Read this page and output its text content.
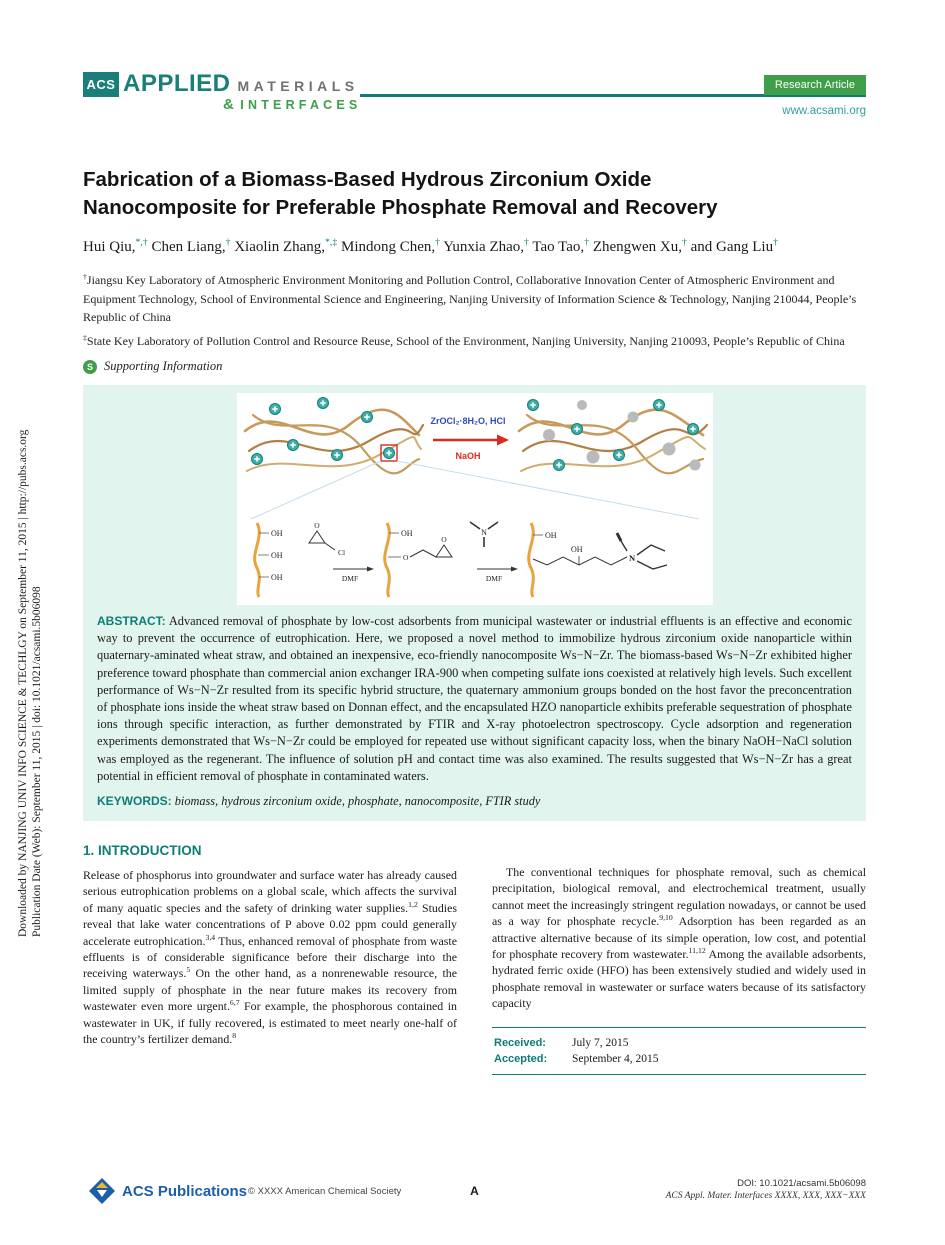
Downloaded by NANJING UNIV INFO SCIENCE & TECHLGY on September 11, 2015 | http://pubs.acs.org Publication Date (Web): September 11, 2015 | doi: 10.1021/acsami.5b06098
ACS APPLIED MATERIALS
& INTERFACES
Research Article
www.acsami.org
Fabrication of a Biomass-Based Hydrous Zirconium Oxide Nanocomposite for Preferable Phosphate Removal and Recovery

Hui Qiu,*,† Chen Liang,† Xiaolin Zhang,*,‡ Mindong Chen,† Yunxia Zhao,† Tao Tao,† Zhengwen Xu,† and Gang Liu†

†Jiangsu Key Laboratory of Atmospheric Environment Monitoring and Pollution Control, Collaborative Innovation Center of Atmospheric Environment and Equipment Technology, School of Environmental Science and Engineering, Nanjing University of Information Science & Technology, Nanjing 210044, People’s Republic of China

‡State Key Laboratory of Pollution Control and Resource Reuse, School of the Environment, Nanjing University, Nanjing 210093, People’s Republic of China

S Supporting Information
ZrOCl₂·8H₂O, HCl
NaOH
OH
OH
OH
O
Cl
DMF
OH
O
O
N
DMF
OH
OH
N

ABSTRACT: Advanced removal of phosphate by low-cost adsorbents from municipal wastewater or industrial effluents is an effective and economic way to prevent the occurrence of eutrophication. Here, we proposed a novel method to immobilize hydrous zirconium oxide nanoparticle within quaternary-aminated wheat straw, and obtained an inexpensive, eco-friendly nanocomposite Ws−N−Zr. The biomass-based Ws−N−Zr exhibited higher preference toward phosphate than commercial anion exchanger IRA-900 when competing sulfate ions coexisted at relatively high levels. Such excellent performance of Ws−N−Zr resulted from its specific hybrid structure, the quaternary ammonium groups bonded on the host favor the preconcentration of phosphate ions inside the wheat straw based on Donnan effect, and the encapsulated HZO nanoparticle exhibits preferable sequestration of phosphate ions through specific interaction, as further demonstrated by FTIR and X-ray photoelectron spectroscopy. Cycle adsorption and regeneration experiments demonstrated that Ws−N−Zr could be employed for repeated use without significant capacity loss, when the binary NaOH−NaCl solution was employed as the regenerant. The influence of solution pH and contact time was also examined. The results suggested that Ws−N−Zr has a great potential in efficient removal of phosphate in contaminated waters.

KEYWORDS: biomass, hydrous zirconium oxide, phosphate, nanocomposite, FTIR study

1. INTRODUCTION

Release of phosphorus into groundwater and surface water has already caused serious eutrophication problems on a global scale, which affects the survival of many aquatic species and the safety of drinking water supplies.$^{1,2}$ Studies reveal that lake water concentrations of P above 0.02 ppm could generally accelerate eutrophication.$^{3,4}$ Thus, enhanced removal of phosphate from waste effluents is of considerable significance before their discharge into the receiving waterways.$^5$ On the other hand, as a nonrenewable resource, the limited supply of phosphate in the near future makes its recovery from wastewater even more urgent.$^{6,7}$ For example, the phosphorous contained in wastewater in UK, if fully recovered, is estimated to meet nearly one-half of the country’s fertilizer demand.$^8$

The conventional techniques for phosphate removal, such as chemical precipitation, biological removal, and electrochemical treatment, usually cannot meet the increasingly stringent regulation nowadays, or cannot be used as a way for phosphate recycle.$^{9,10}$ Adsorption has been regarded as an attractive alternative because of its simple operation, low cost, and potential for phosphate recovery from wastewater.$^{11,12}$ Among the available adsorbents, hydrated ferric oxide (HFO) has been extensively studied and widely used in phosphate removal in wastewater or surface waters because of its satisfactory capacity

Received: July 7, 2015
Accepted: September 4, 2015
ACS Publications © XXXX American Chemical Society	A
DOI: 10.1021/acsami.5b06098
ACS Appl. Mater. Interfaces XXXX, XXX, XXX−XXX
